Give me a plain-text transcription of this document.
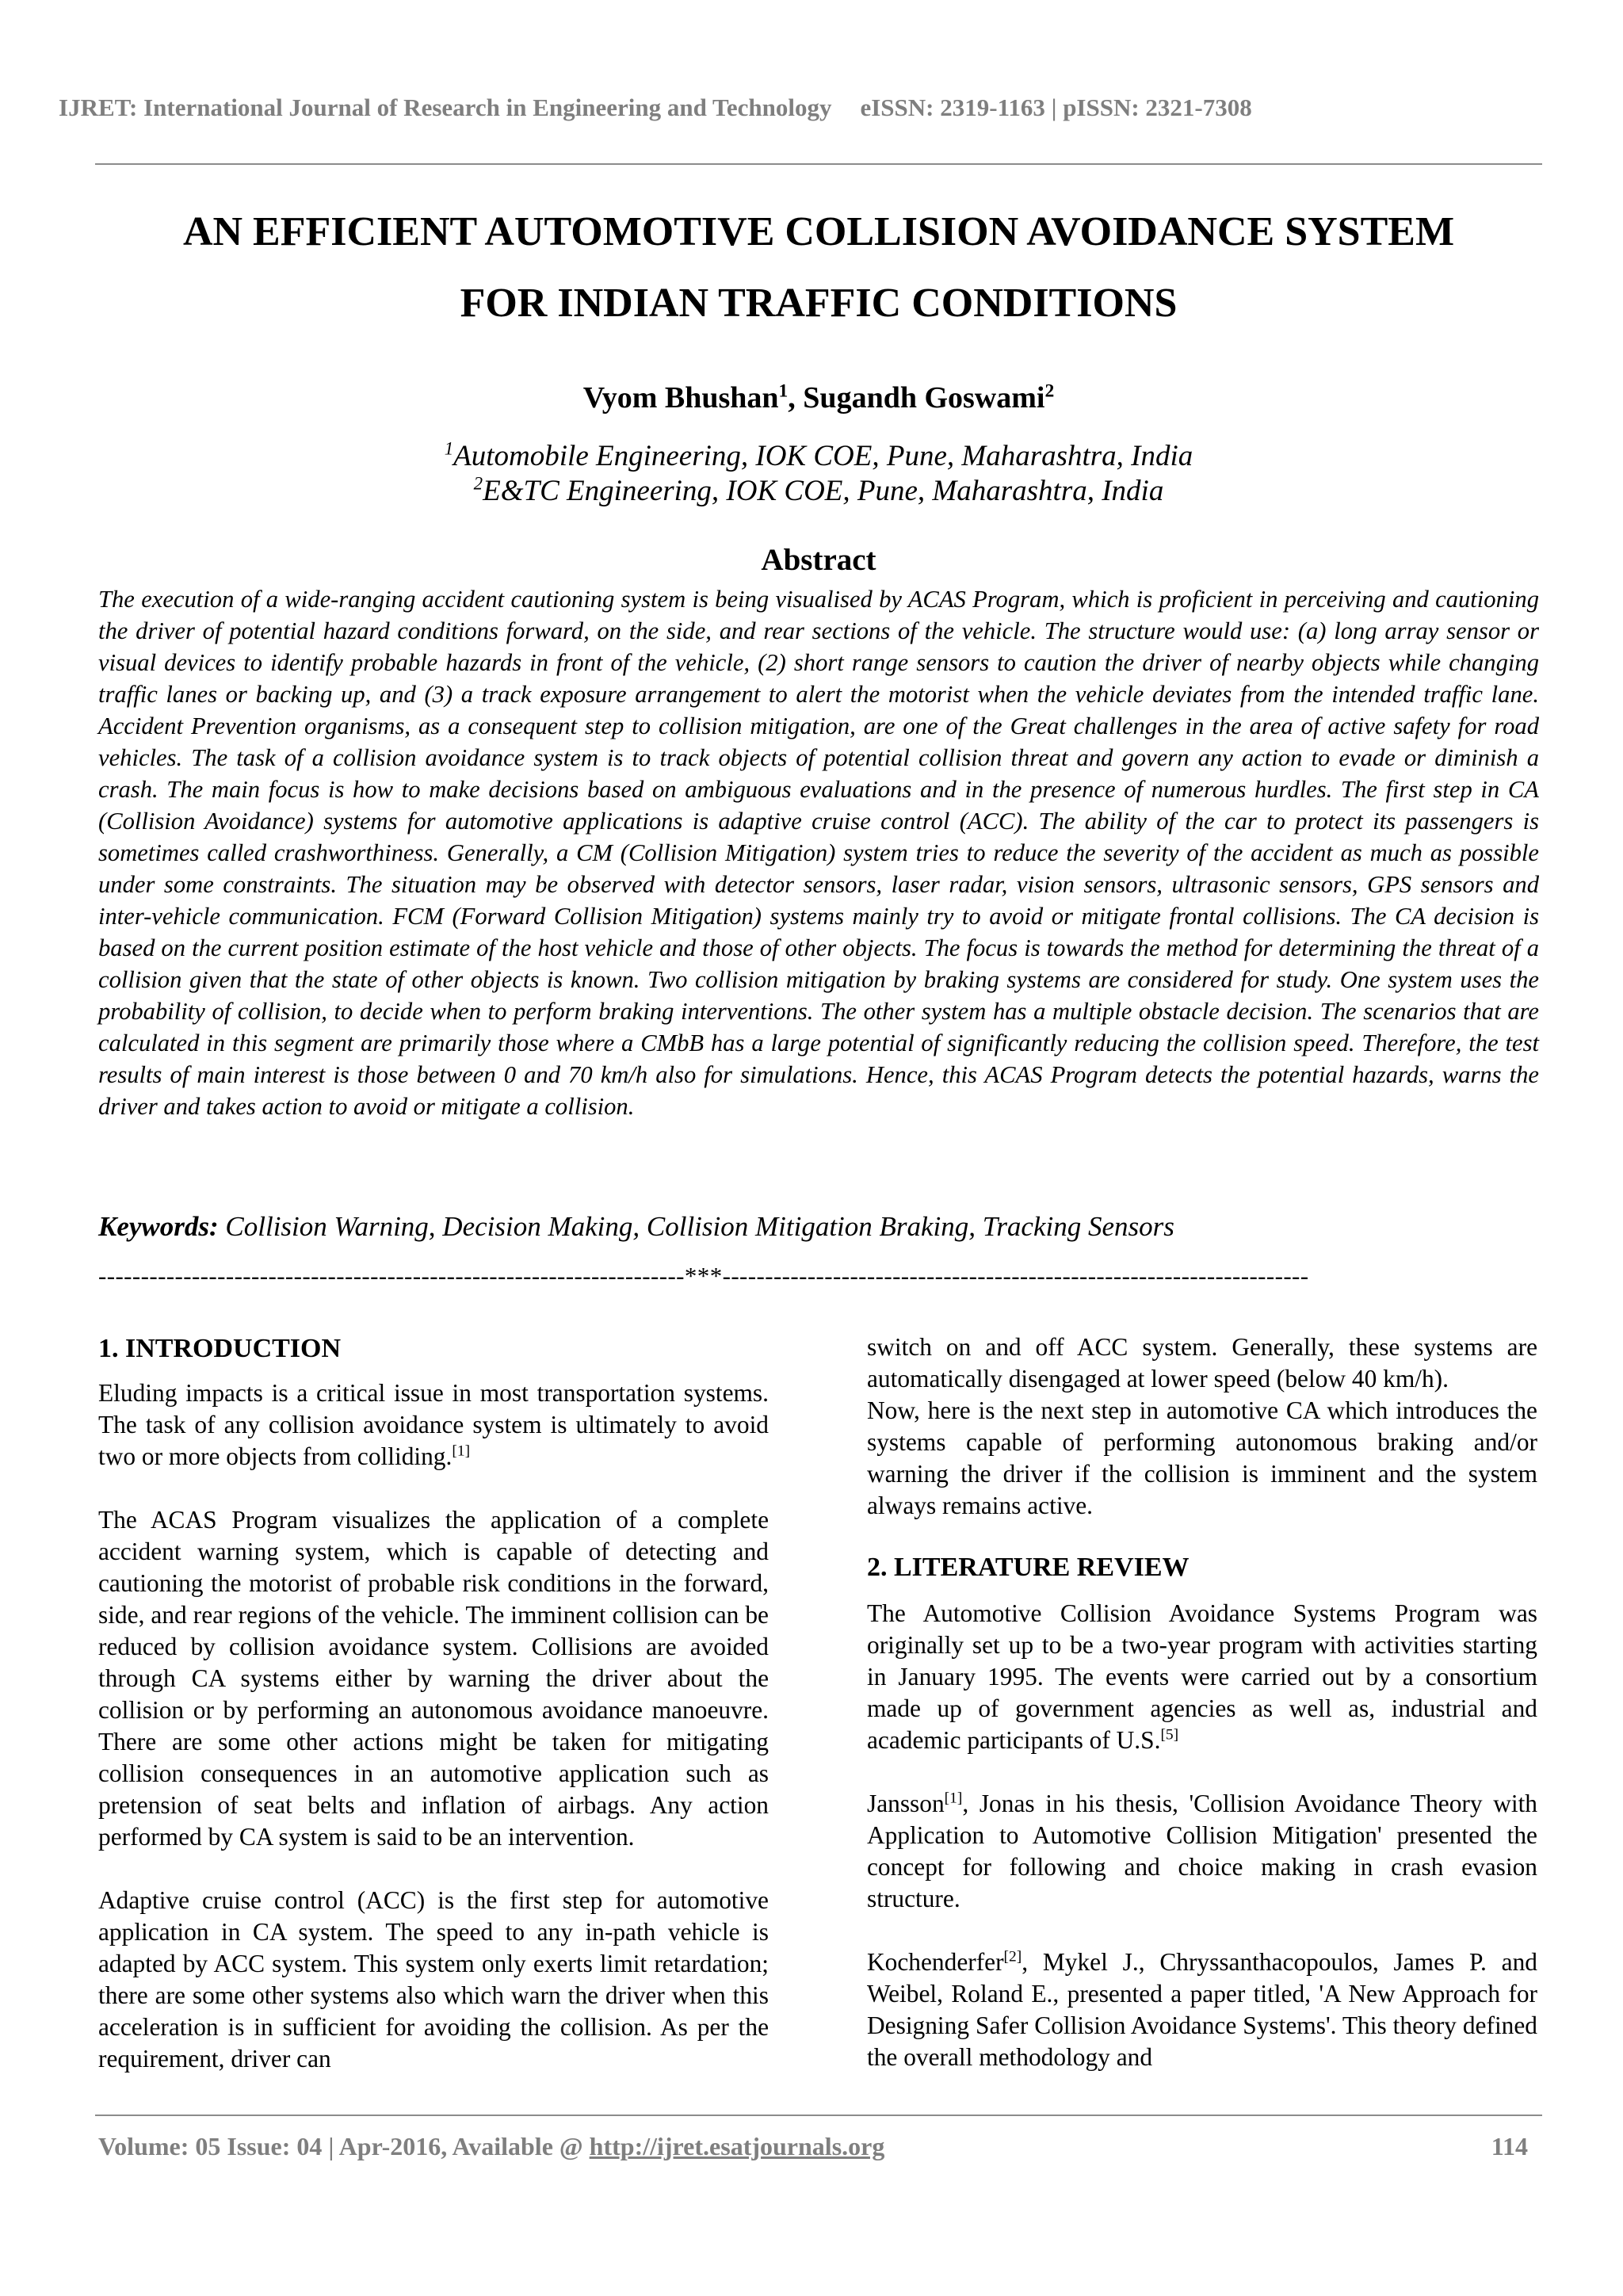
IJRET: International Journal of Research in Engineering and Technology eISSN: 2319-1163 | pISSN: 2321-7308
AN EFFICIENT AUTOMOTIVE COLLISION AVOIDANCE SYSTEM
FOR INDIAN TRAFFIC CONDITIONS
Vyom Bhushan$^1$, Sugandh Goswami$^2$
$^1$Automobile Engineering, IOK COE, Pune, Maharashtra, India
$^2$E&TC Engineering, IOK COE, Pune, Maharashtra, India
Abstract

The execution of a wide-ranging accident cautioning system is being visualised by ACAS Program, which is proficient in perceiving and cautioning the driver of potential hazard conditions forward, on the side, and rear sections of the vehicle. The structure would use: (a) long array sensor or visual devices to identify probable hazards in front of the vehicle, (2) short range sensors to caution the driver of nearby objects while changing traffic lanes or backing up, and (3) a track exposure arrangement to alert the motorist when the vehicle deviates from the intended traffic lane. Accident Prevention organisms, as a consequent step to collision mitigation, are one of the Great challenges in the area of active safety for road vehicles. The task of a collision avoidance system is to track objects of potential collision threat and govern any action to evade or diminish a crash. The main focus is how to make decisions based on ambiguous evaluations and in the presence of numerous hurdles. The first step in CA (Collision Avoidance) systems for automotive applications is adaptive cruise control (ACC). The ability of the car to protect its passengers is sometimes called crashworthiness. Generally, a CM (Collision Mitigation) system tries to reduce the severity of the accident as much as possible under some constraints. The situation may be observed with detector sensors, laser radar, vision sensors, ultrasonic sensors, GPS sensors and inter-vehicle communication. FCM (Forward Collision Mitigation) systems mainly try to avoid or mitigate frontal collisions. The CA decision is based on the current position estimate of the host vehicle and those of other objects. The focus is towards the method for determining the threat of a collision given that the state of other objects is known. Two collision mitigation by braking systems are considered for study. One system uses the probability of collision, to decide when to perform braking interventions. The other system has a multiple obstacle decision. The scenarios that are calculated in this segment are primarily those where a CMbB has a large potential of significantly reducing the collision speed. Therefore, the test results of main interest is those between 0 and 70 km/h also for simulations. Hence, this ACAS Program detects the potential hazards, warns the driver and takes action to avoid or mitigate a collision.

Keywords: Collision Warning, Decision Making, Collision Mitigation Braking, Tracking Sensors
---------------------------------------------------------------------***---------------------------------------------------------------------
1. INTRODUCTION

Eluding impacts is a critical issue in most transportation systems. The task of any collision avoidance system is ultimately to avoid two or more objects from colliding.[1]

The ACAS Program visualizes the application of a complete accident warning system, which is capable of detecting and cautioning the motorist of probable risk conditions in the forward, side, and rear regions of the vehicle. The imminent collision can be reduced by collision avoidance system. Collisions are avoided through CA systems either by warning the driver about the collision or by performing an autonomous avoidance manoeuvre. There are some other actions might be taken for mitigating collision consequences in an automotive application such as pretension of seat belts and inflation of airbags. Any action performed by CA system is said to be an intervention.

Adaptive cruise control (ACC) is the first step for automotive application in CA system. The speed to any in-path vehicle is adapted by ACC system. This system only exerts limit retardation; there are some other systems also which warn the driver when this acceleration is in sufficient for avoiding the collision. As per the requirement, driver can

switch on and off ACC system. Generally, these systems are automatically disengaged at lower speed (below 40 km/h).

Now, here is the next step in automotive CA which introduces the systems capable of performing autonomous braking and/or warning the driver if the collision is imminent and the system always remains active.

2. LITERATURE REVIEW

The Automotive Collision Avoidance Systems Program was originally set up to be a two-year program with activities starting in January 1995. The events were carried out by a consortium made up of government agencies as well as, industrial and academic participants of U.S.[5]

Jansson[1], Jonas in his thesis, 'Collision Avoidance Theory with Application to Automotive Collision Mitigation' presented the concept for following and choice making in crash evasion structure.

Kochenderfer[2], Mykel J., Chryssanthacopoulos, James P. and Weibel, Roland E., presented a paper titled, 'A New Approach for Designing Safer Collision Avoidance Systems'. This theory defined the overall methodology and

Volume: 05 Issue: 04 | Apr-2016, Available @ http://ijret.esatjournals.org	114
